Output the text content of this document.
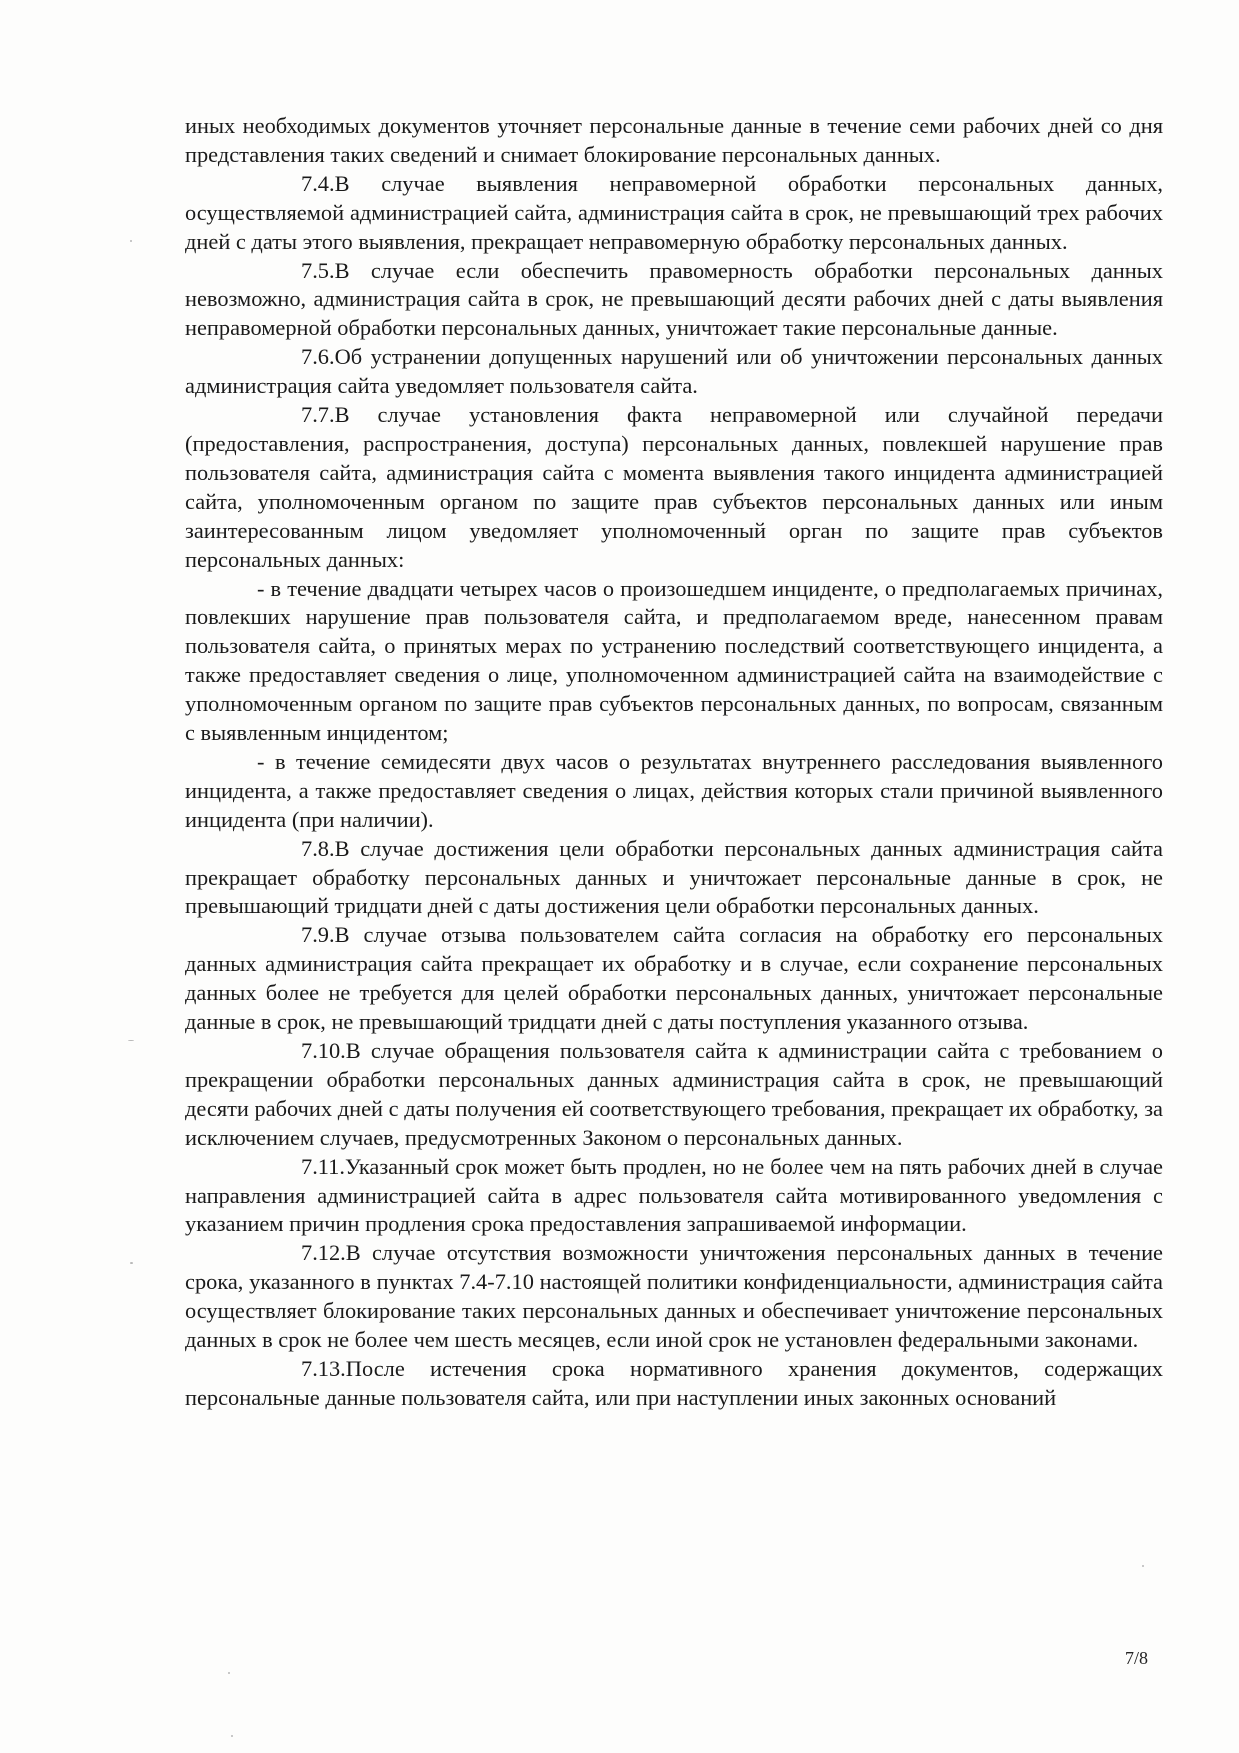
иных необходимых документов уточняет персональные данные в течение семи рабочих дней со дня представления таких сведений и снимает блокирование персональных данных.

7.4.В случае выявления неправомерной обработки персональных данных, осуществляемой администрацией сайта, администрация сайта в срок, не превышающий трех рабочих дней с даты этого выявления, прекращает неправомерную обработку персональных данных.

7.5.В случае если обеспечить правомерность обработки персональных данных невозможно, администрация сайта в срок, не превышающий десяти рабочих дней с даты выявления неправомерной обработки персональных данных, уничтожает такие персональные данные.

7.6.Об устранении допущенных нарушений или об уничтожении персональных данных администрация сайта уведомляет пользователя сайта.

7.7.В случае установления факта неправомерной или случайной передачи (предоставления, распространения, доступа) персональных данных, повлекшей нарушение прав пользователя сайта, администрация сайта с момента выявления такого инцидента администрацией сайта, уполномоченным органом по защите прав субъектов персональных данных или иным заинтересованным лицом уведомляет уполномоченный орган по защите прав субъектов персональных данных:

- в течение двадцати четырех часов о произошедшем инциденте, о предполагаемых причинах, повлекших нарушение прав пользователя сайта, и предполагаемом вреде, нанесенном правам пользователя сайта, о принятых мерах по устранению последствий соответствующего инцидента, а также предоставляет сведения о лице, уполномоченном администрацией сайта на взаимодействие с уполномоченным органом по защите прав субъектов персональных данных, по вопросам, связанным с выявленным инцидентом;

- в течение семидесяти двух часов о результатах внутреннего расследования выявленного инцидента, а также предоставляет сведения о лицах, действия которых стали причиной выявленного инцидента (при наличии).

7.8.В случае достижения цели обработки персональных данных администрация сайта прекращает обработку персональных данных и уничтожает персональные данные в срок, не превышающий тридцати дней с даты достижения цели обработки персональных данных.

7.9.В случае отзыва пользователем сайта согласия на обработку его персональных данных администрация сайта прекращает их обработку и в случае, если сохранение персональных данных более не требуется для целей обработки персональных данных, уничтожает персональные данные в срок, не превышающий тридцати дней с даты поступления указанного отзыва.

7.10.В случае обращения пользователя сайта к администрации сайта с требованием о прекращении обработки персональных данных администрация сайта в срок, не превышающий десяти рабочих дней с даты получения ей соответствующего требования, прекращает их обработку, за исключением случаев, предусмотренных Законом о персональных данных.

7.11.Указанный срок может быть продлен, но не более чем на пять рабочих дней в случае направления администрацией сайта в адрес пользователя сайта мотивированного уведомления с указанием причин продления срока предоставления запрашиваемой информации.

7.12.В случае отсутствия возможности уничтожения персональных данных в течение срока, указанного в пунктах 7.4-7.10 настоящей политики конфиденциальности, администрация сайта осуществляет блокирование таких персональных данных и обеспечивает уничтожение персональных данных в срок не более чем шесть месяцев, если иной срок не установлен федеральными законами.

7.13.После истечения срока нормативного хранения документов, содержащих персональные данные пользователя сайта, или при наступлении иных законных оснований

7/8
